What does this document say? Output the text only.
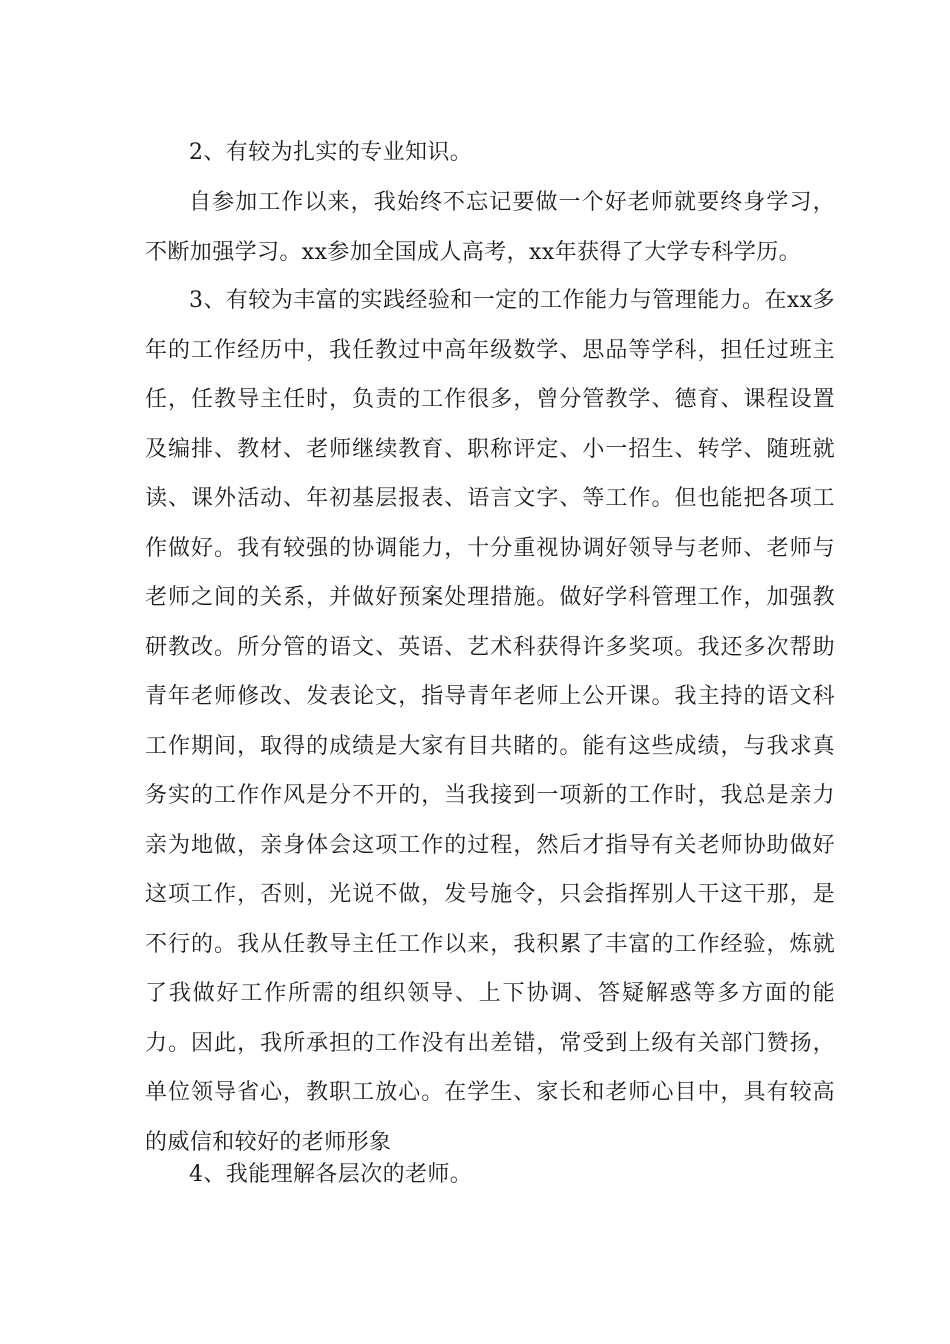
2、有较为扎实的专业知识。

自参加工作以来，我始终不忘记要做一个好老师就要终身学习，不断加强学习。xx参加全国成人高考，xx年获得了大学专科学历。

3、有较为丰富的实践经验和一定的工作能力与管理能力。在xx多年的工作经历中，我任教过中高年级数学、思品等学科，担任过班主任，任教导主任时，负责的工作很多，曾分管教学、德育、课程设置及编排、教材、老师继续教育、职称评定、小一招生、转学、随班就读、课外活动、年初基层报表、语言文字、等工作。但也能把各项工作做好。我有较强的协调能力，十分重视协调好领导与老师、老师与老师之间的关系，并做好预案处理措施。做好学科管理工作，加强教研教改。所分管的语文、英语、艺术科获得许多奖项。我还多次帮助青年老师修改、发表论文，指导青年老师上公开课。我主持的语文科工作期间，取得的成绩是大家有目共睹的。能有这些成绩，与我求真务实的工作作风是分不开的，当我接到一项新的工作时，我总是亲力亲为地做，亲身体会这项工作的过程，然后才指导有关老师协助做好这项工作，否则，光说不做，发号施令，只会指挥别人干这干那，是不行的。我从任教导主任工作以来，我积累了丰富的工作经验，炼就了我做好工作所需的组织领导、上下协调、答疑解惑等多方面的能力。因此，我所承担的工作没有出差错，常受到上级有关部门赞扬，单位领导省心，教职工放心。在学生、家长和老师心目中，具有较高的威信和较好的老师形象

4、我能理解各层次的老师。
